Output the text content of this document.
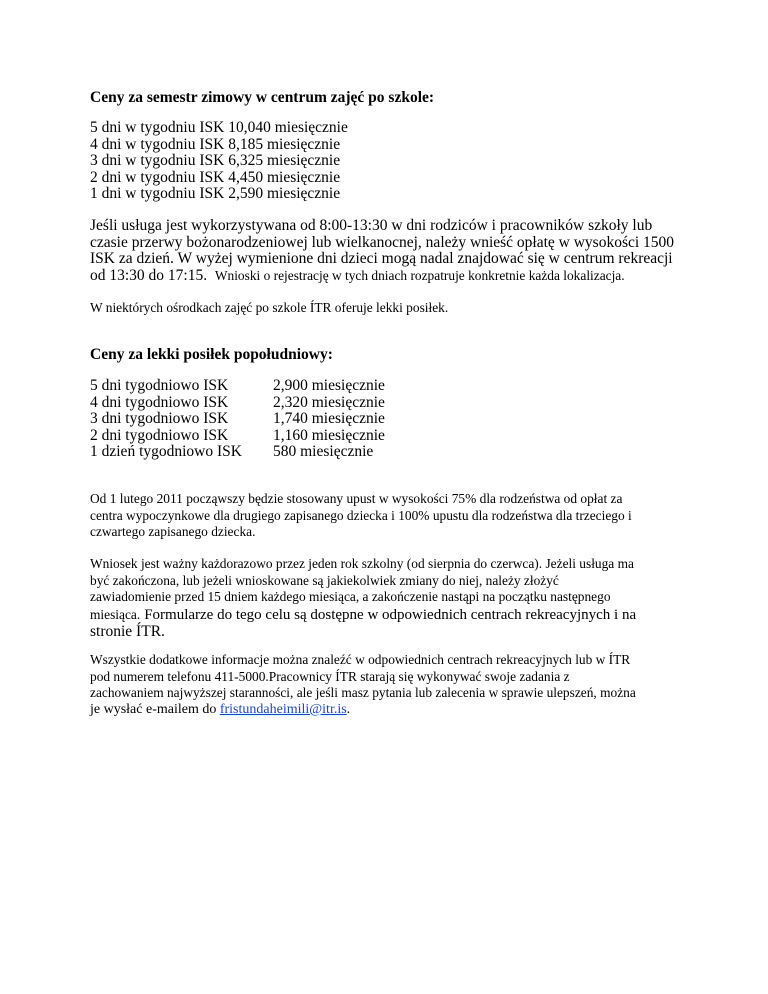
Ceny za semestr zimowy w centrum zajęć po szkole:
5 dni w tygodniu ISK 10,040 miesięcznie
4 dni w tygodniu ISK 8,185 miesięcznie
3 dni w tygodniu ISK 6,325 miesięcznie
2 dni w tygodniu ISK 4,450 miesięcznie
1 dni w tygodniu ISK 2,590 miesięcznie
Jeśli usługa jest wykorzystywana od 8:00-13:30 w dni rodziców i pracowników szkoły lub
czasie przerwy bożonarodzeniowej lub wielkanocnej, należy wnieść opłatę w wysokości 1500
ISK za dzień. W wyżej wymienione dni dzieci mogą nadal znajdować się w centrum rekreacji
od 13:30 do 17:15. Wnioski o rejestrację w tych dniach rozpatruje konkretnie każda lokalizacja.
W niektórych ośrodkach zajęć po szkole ÍTR oferuje lekki posiłek.
Ceny za lekki posiłek popołudniowy:
5 dni tygodniowo ISK	2,900 miesięcznie
4 dni tygodniowo ISK	2,320 miesięcznie
3 dni tygodniowo ISK	1,740 miesięcznie
2 dni tygodniowo ISK	1,160 miesięcznie
1 dzień tygodniowo ISK 580 miesięcznie
Od 1 lutego 2011 począwszy będzie stosowany upust w wysokości 75% dla rodzeństwa od opłat za
centra wypoczynkowe dla drugiego zapisanego dziecka i 100% upustu dla rodzeństwa dla trzeciego i
czwartego zapisanego dziecka.
Wniosek jest ważny każdorazowo przez jeden rok szkolny (od sierpnia do czerwca). Jeżeli usługa ma
być zakończona, lub jeżeli wnioskowane są jakiekolwiek zmiany do niej, należy złożyć
zawiadomienie przed 15 dniem każdego miesiąca, a zakończenie nastąpi na początku następnego
miesiąca. Formularze do tego celu są dostępne w odpowiednich centrach rekreacyjnych i na
stronie ÍTR.
Wszystkie dodatkowe informacje można znaleźć w odpowiednich centrach rekreacyjnych lub w ÍTR
pod numerem telefonu 411-5000.Pracownicy ÍTR starają się wykonywać swoje zadania z
zachowaniem najwyższej staranności, ale jeśli masz pytania lub zalecenia w sprawie ulepszeń, można
je wysłać e-mailem do fristundaheimili@itr.is.
